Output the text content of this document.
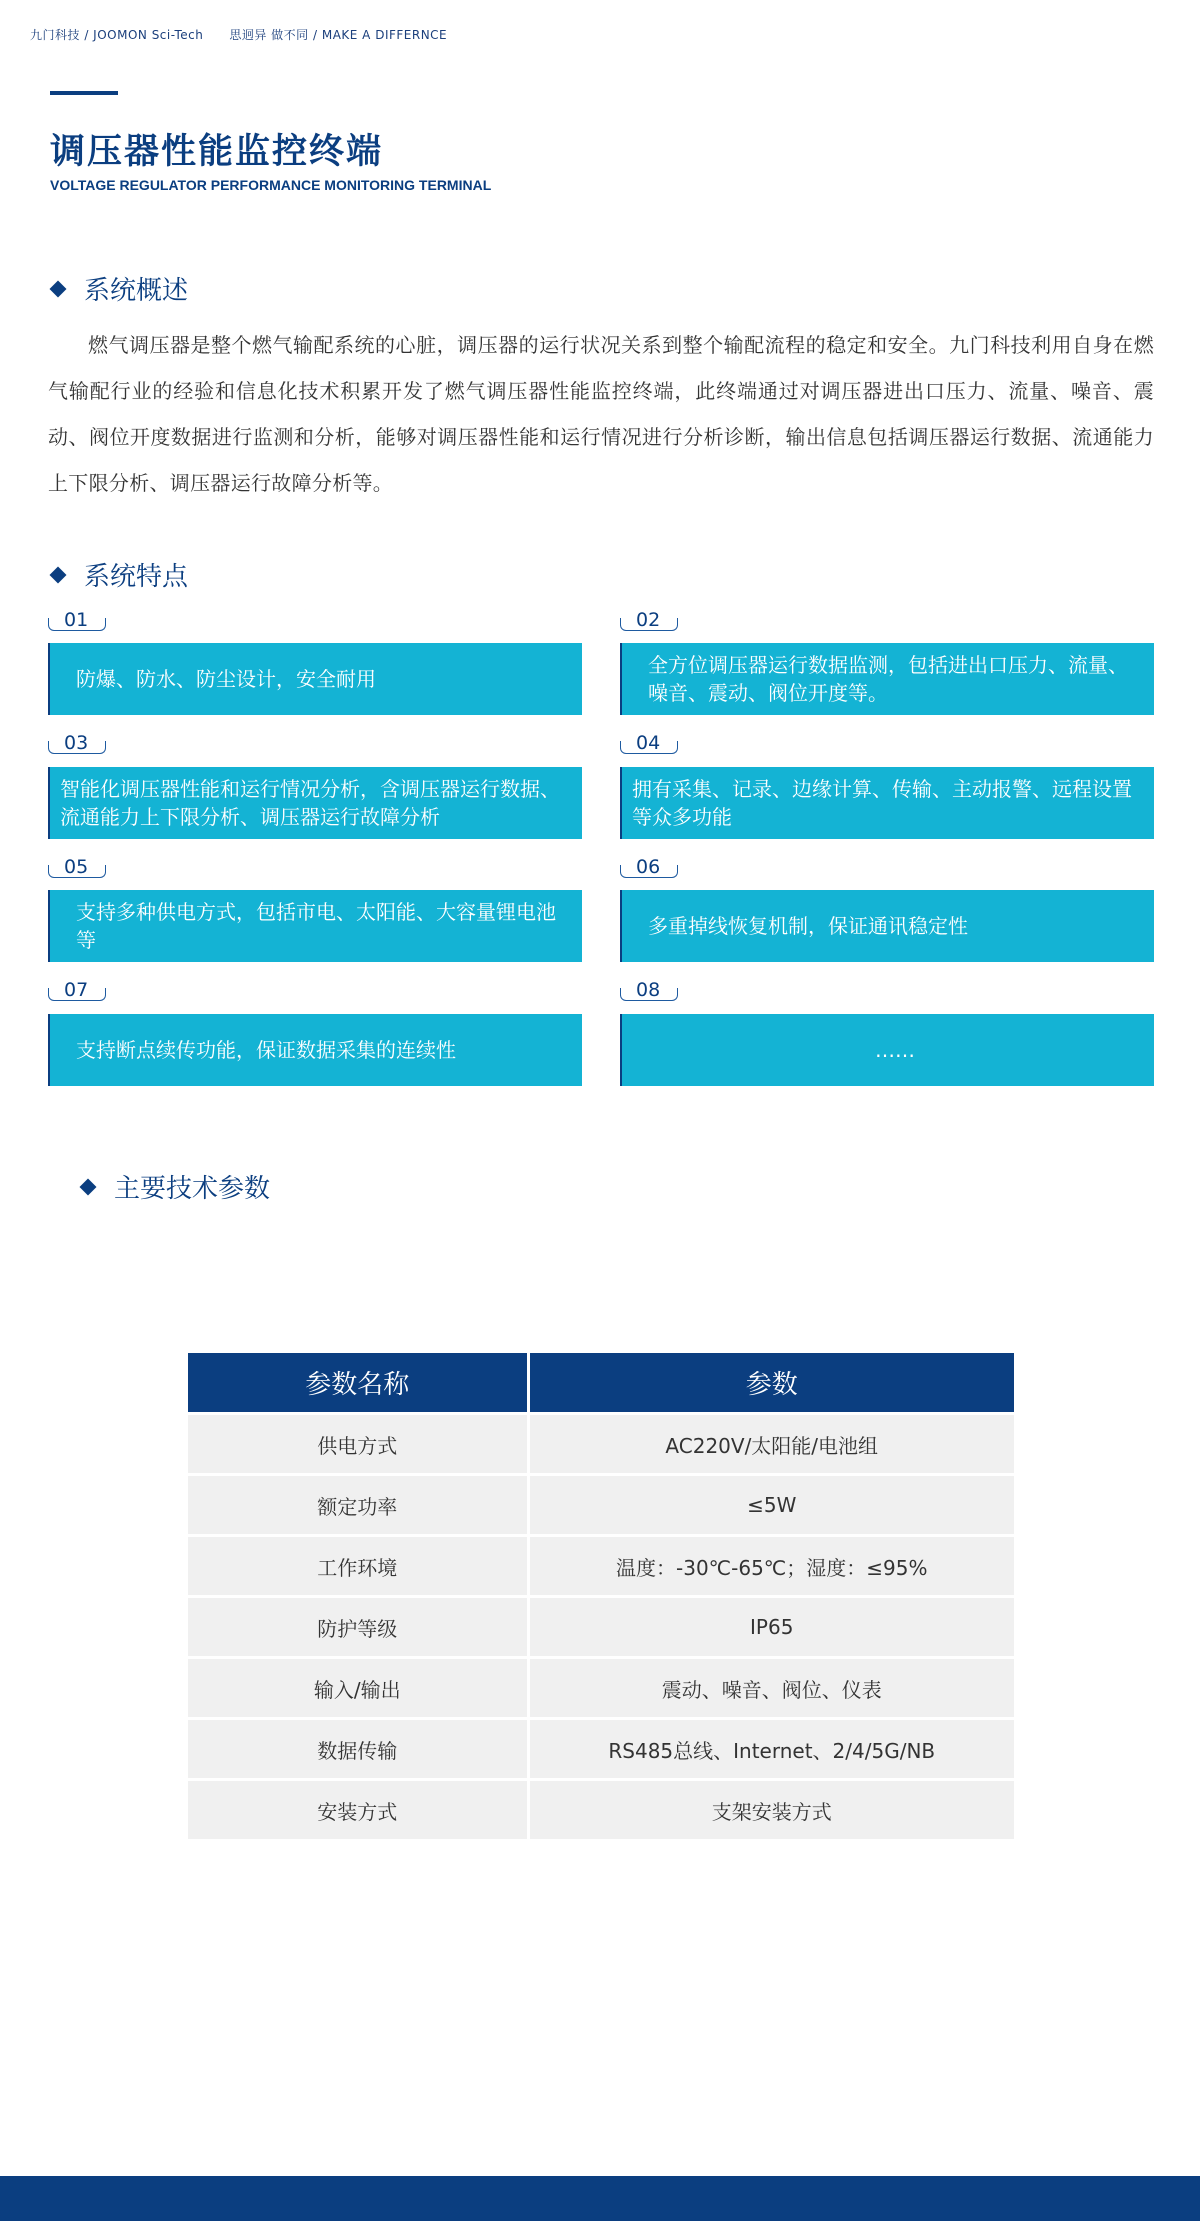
九门科技 / JOOMON Sci-Tech 思迥异 做不同 / MAKE A DIFFERNCE
调压器性能监控终端
VOLTAGE REGULATOR PERFORMANCE MONITORING TERMINAL
系统概述
燃气调压器是整个燃气输配系统的心脏，调压器的运行状况关系到整个输配流程的稳定和安全。九门科技利用自身在燃气输配行业的经验和信息化技术积累开发了燃气调压器性能监控终端，此终端通过对调压器进出口压力、流量、噪音、震动、阀位开度数据进行监测和分析，能够对调压器性能和运行情况进行分析诊断，输出信息包括调压器运行数据、流通能力上下限分析、调压器运行故障分析等。
系统特点
01
防爆、防水、防尘设计，安全耐用
02
全方位调压器运行数据监测，包括进出口压力、流量、噪音、震动、阀位开度等。
03
智能化调压器性能和运行情况分析，含调压器运行数据、流通能力上下限分析、调压器运行故障分析
04
拥有采集、记录、边缘计算、传输、主动报警、远程设置等众多功能
05
支持多种供电方式，包括市电、太阳能、大容量锂电池等
06
多重掉线恢复机制，保证通讯稳定性
07
支持断点续传功能，保证数据采集的连续性
08
……
主要技术参数
参数名称	参数
供电方式	AC220V/太阳能/电池组
额定功率	≤5W
工作环境	温度：-30℃-65℃；湿度：≤95%
防护等级	IP65
输入/输出	震动、噪音、阀位、仪表
数据传输	RS485总线、Internet、2/4/5G/NB
安装方式	支架安装方式
